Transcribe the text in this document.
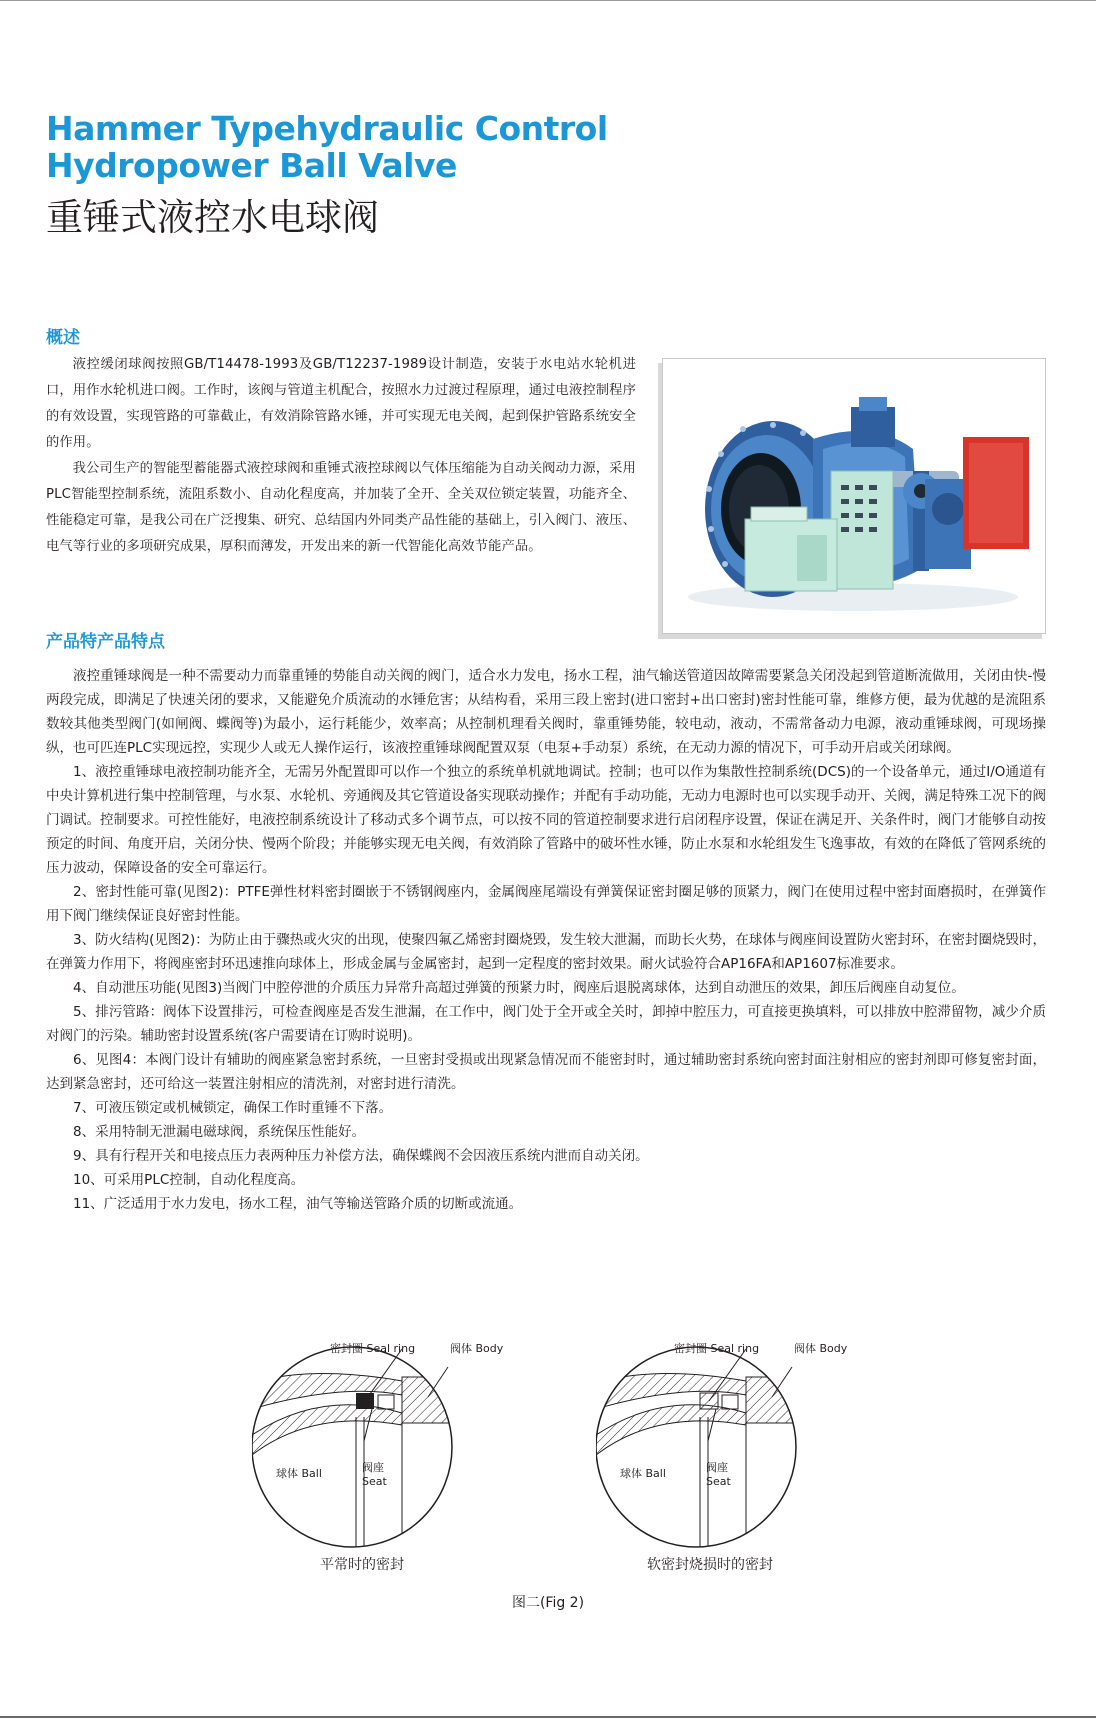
Hammer Typehydraulic Control
Hydropower Ball Valve
重锤式液控水电球阀
概述

液控缓闭球阀按照GB/T14478-1993及GB/T12237-1989设计制造，安装于水电站水轮机进口，用作水轮机进口阀。工作时，该阀与管道主机配合，按照水力过渡过程原理，通过电液控制程序的有效设置，实现管路的可靠截止，有效消除管路水锤，并可实现无电关阀，起到保护管路系统安全的作用。

我公司生产的智能型蓄能器式液控球阀和重锤式液控球阀以气体压缩能为自动关阀动力源，采用PLC智能型控制系统，流阻系数小、自动化程度高，并加装了全开、全关双位锁定装置，功能齐全、性能稳定可靠，是我公司在广泛搜集、研究、总结国内外同类产品性能的基础上，引入阀门、液压、电气等行业的多项研究成果，厚积而薄发，开发出来的新一代智能化高效节能产品。

产品特产品特点

液控重锤球阀是一种不需要动力而靠重锤的势能自动关阀的阀门，适合水力发电，扬水工程，油气输送管道因故障需要紧急关闭没起到管道断流做用，关闭由快-慢两段完成，即满足了快速关闭的要求，又能避免介质流动的水锤危害；从结构看，采用三段上密封(进口密封+出口密封)密封性能可靠，维修方便，最为优越的是流阻系数较其他类型阀门(如闸阀、蝶阀等)为最小，运行耗能少，效率高；从控制机理看关阀时，靠重锤势能，较电动，液动，不需常备动力电源，液动重锤球阀，可现场操纵，也可匹连PLC实现远控，实现少人或无人操作运行，该液控重锤球阀配置双泵（电泵+手动泵）系统，在无动力源的情况下，可手动开启或关闭球阀。

1、液控重锤球电液控制功能齐全，无需另外配置即可以作一个独立的系统单机就地调试。控制；也可以作为集散性控制系统(DCS)的一个设备单元，通过I/O通道有中央计算机进行集中控制管理，与水泵、水轮机、旁通阀及其它管道设备实现联动操作；并配有手动功能，无动力电源时也可以实现手动开、关阀，满足特殊工况下的阀门调试。控制要求。可控性能好，电液控制系统设计了移动式多个调节点，可以按不同的管道控制要求进行启闭程序设置，保证在满足开、关条件时，阀门才能够自动按预定的时间、角度开启，关闭分快、慢两个阶段；并能够实现无电关阀，有效消除了管路中的破坏性水锤，防止水泵和水轮组发生飞逸事故，有效的在降低了管网系统的压力波动，保障设备的安全可靠运行。

2、密封性能可靠(见图2)：PTFE弹性材料密封圈嵌于不锈钢阀座内，金属阀座尾端设有弹簧保证密封圈足够的顶紧力，阀门在使用过程中密封面磨损时，在弹簧作用下阀门继续保证良好密封性能。

3、防火结构(见图2)：为防止由于骤热或火灾的出现，使聚四氟乙烯密封圈烧毁，发生较大泄漏，而助长火势，在球体与阀座间设置防火密封环，在密封圈烧毁时，在弹簧力作用下，将阀座密封环迅速推向球体上，形成金属与金属密封，起到一定程度的密封效果。耐火试验符合AP16FA和AP1607标准要求。

4、自动泄压功能(见图3)当阀门中腔停泄的介质压力异常升高超过弹簧的预紧力时，阀座后退脱离球体，达到自动泄压的效果，卸压后阀座自动复位。

5、排污管路：阀体下设置排污，可检查阀座是否发生泄漏，在工作中，阀门处于全开或全关时，卸掉中腔压力，可直接更换填料，可以排放中腔滞留物，减少介质对阀门的污染。辅助密封设置系统(客户需要请在订购时说明)。

6、见图4：本阀门设计有辅助的阀座紧急密封系统，一旦密封受损或出现紧急情况而不能密封时，通过辅助密封系统向密封面注射相应的密封剂即可修复密封面，达到紧急密封，还可给这一装置注射相应的清洗剂，对密封进行清洗。

7、可液压锁定或机械锁定，确保工作时重锤不下落。

8、采用特制无泄漏电磁球阀，系统保压性能好。

9、具有行程开关和电接点压力表两种压力补偿方法，确保蝶阀不会因液压系统内泄而自动关闭。

10、可采用PLC控制，自动化程度高。

11、广泛适用于水力发电，扬水工程，油气等输送管路介质的切断或流通。

密封圈 Seal ring	阀体 Body
球体 Ball	阀座
Seat
密封圈 Seal ring	阀体 Body
球体 Ball	阀座
Seat
平常时的密封	软密封烧损时的密封
图二(Fig 2)
